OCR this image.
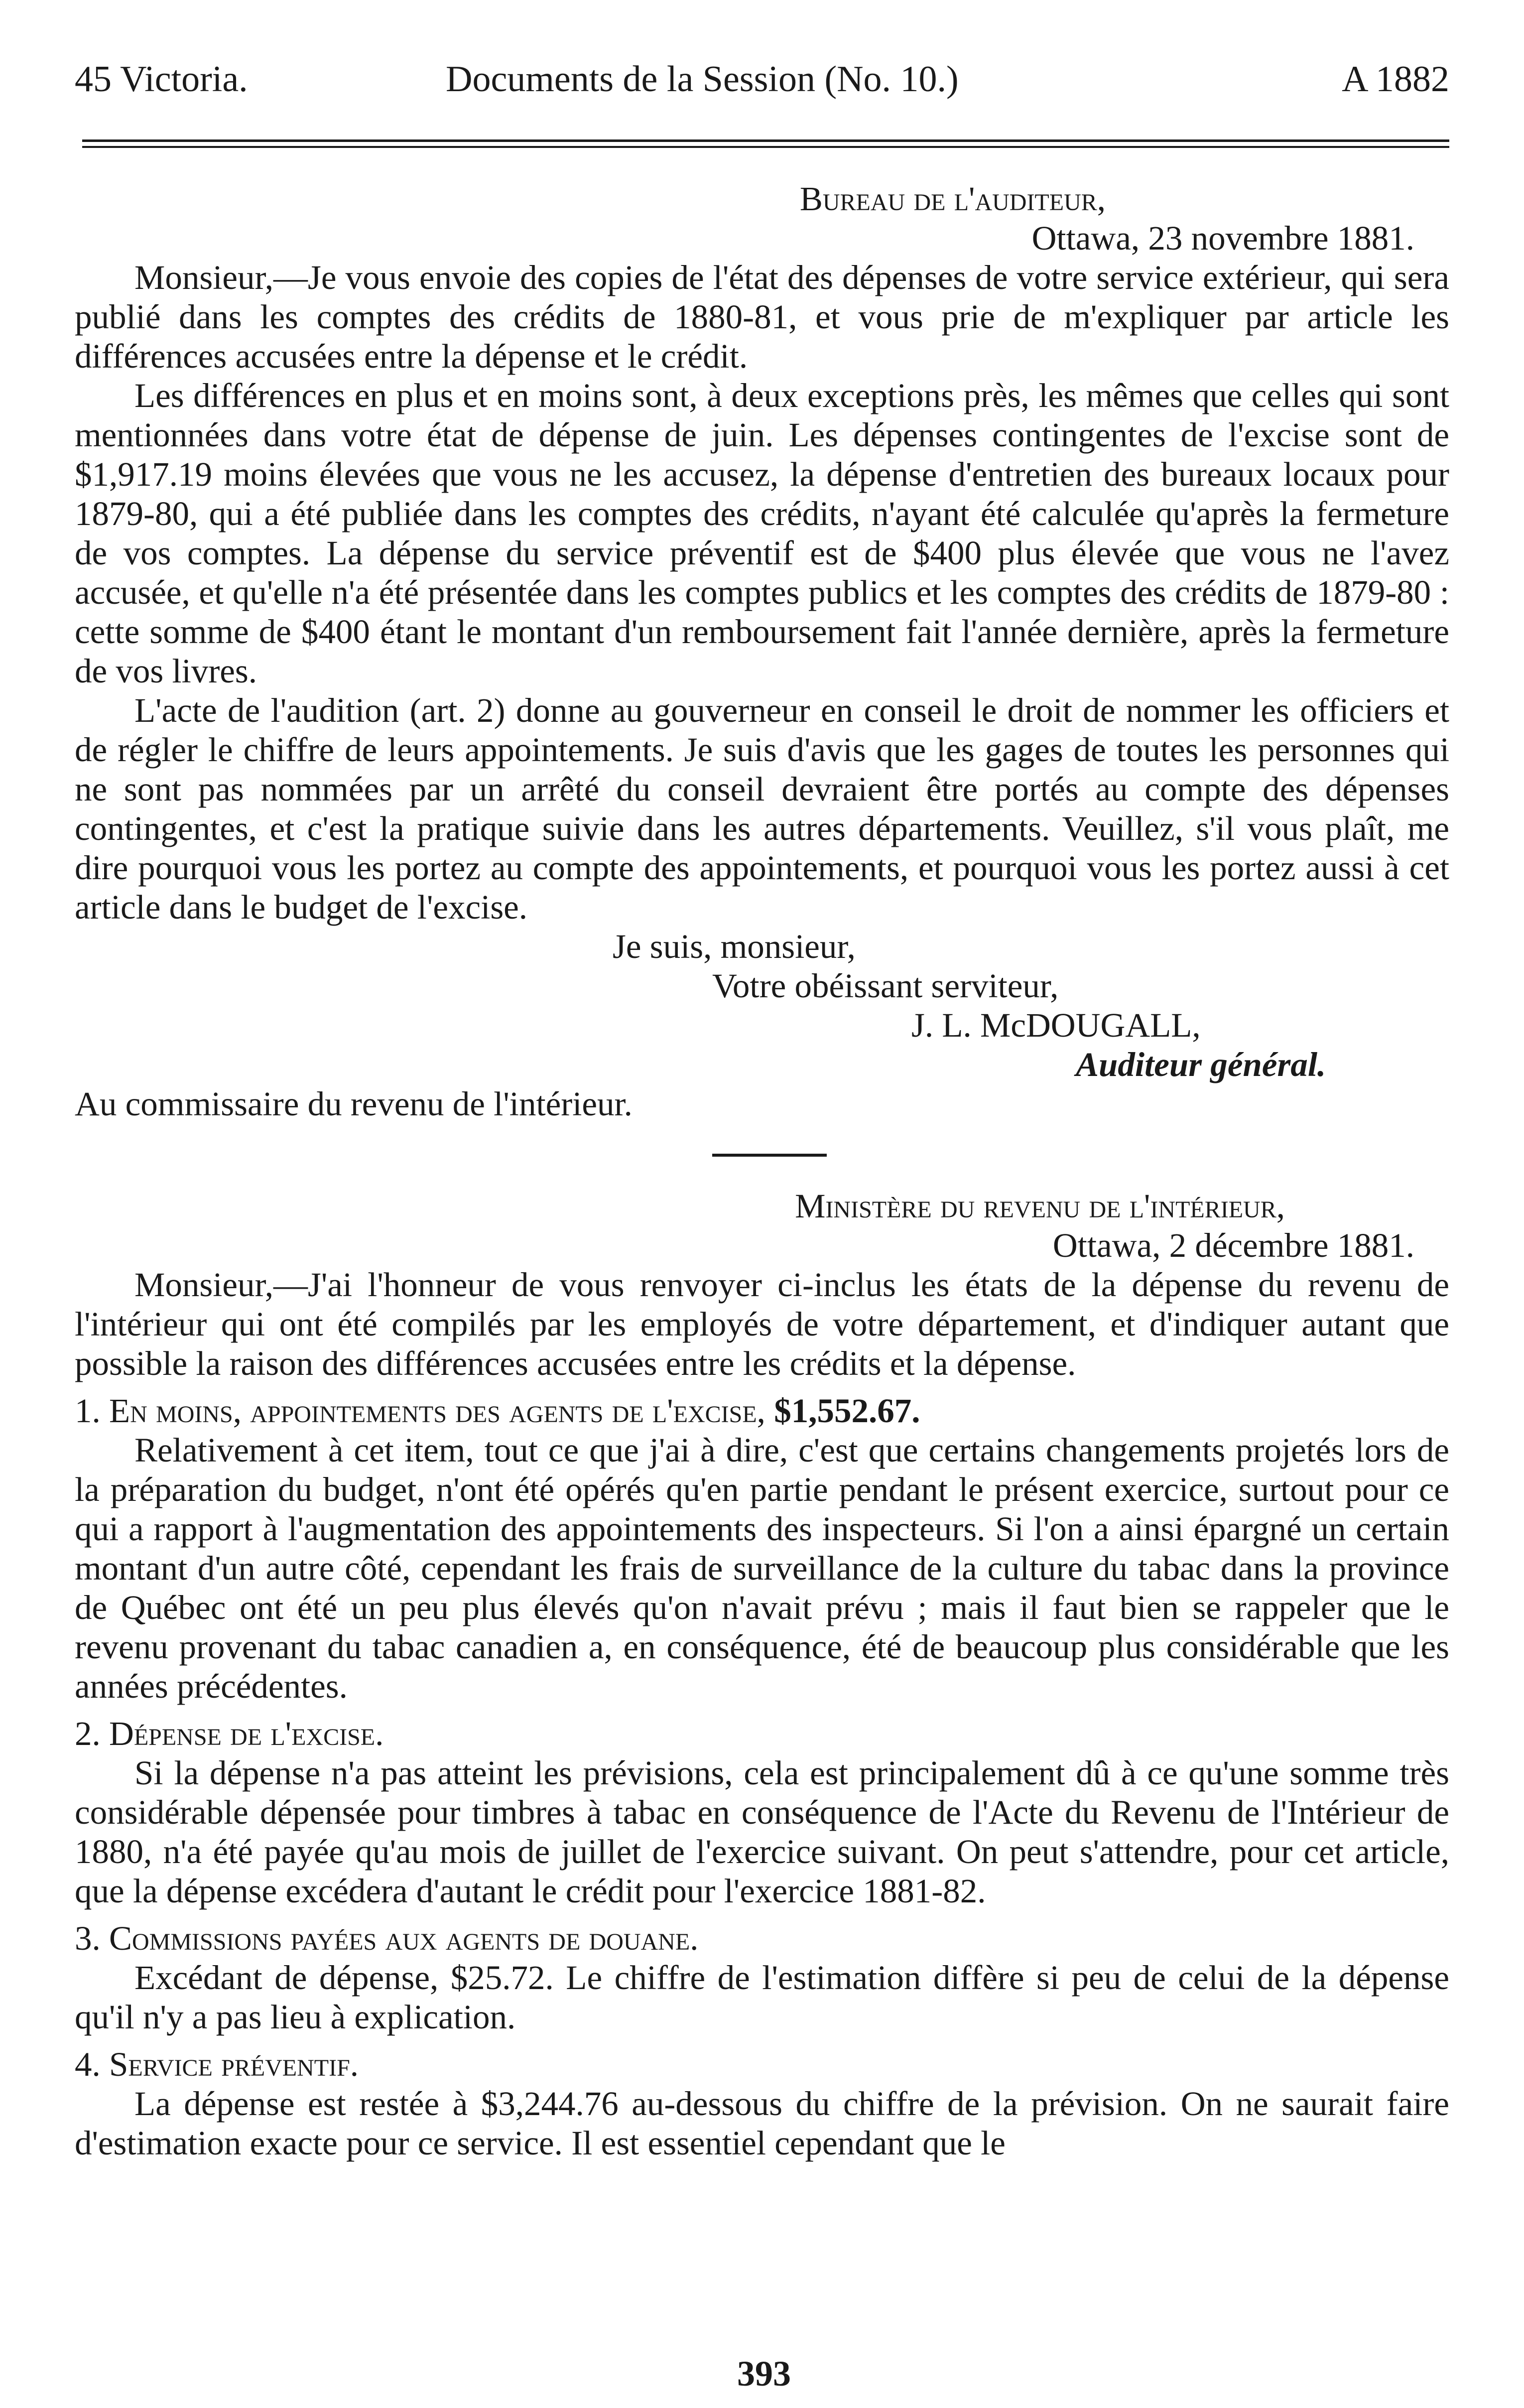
45 Victoria.	Documents de la Session (No. 10.)	A 1882
Bureau de l'auditeur,
Ottawa, 23 novembre 1881.

Monsieur,—Je vous envoie des copies de l'état des dépenses de votre service extérieur, qui sera publié dans les comptes des crédits de 1880-81, et vous prie de m'expliquer par article les différences accusées entre la dépense et le crédit.

Les différences en plus et en moins sont, à deux exceptions près, les mêmes que celles qui sont mentionnées dans votre état de dépense de juin. Les dépenses contingentes de l'excise sont de $1,917.19 moins élevées que vous ne les accusez, la dépense d'entretien des bureaux locaux pour 1879-80, qui a été publiée dans les comptes des crédits, n'ayant été calculée qu'après la fermeture de vos comptes. La dépense du service préventif est de $400 plus élevée que vous ne l'avez accusée, et qu'elle n'a été présentée dans les comptes publics et les comptes des crédits de 1879-80 : cette somme de $400 étant le montant d'un remboursement fait l'année dernière, après la fermeture de vos livres.

L'acte de l'audition (art. 2) donne au gouverneur en conseil le droit de nommer les officiers et de régler le chiffre de leurs appointements. Je suis d'avis que les gages de toutes les personnes qui ne sont pas nommées par un arrêté du conseil devraient être portés au compte des dépenses contingentes, et c'est la pratique suivie dans les autres départements. Veuillez, s'il vous plaît, me dire pourquoi vous les portez au compte des appointements, et pourquoi vous les portez aussi à cet article dans le budget de l'excise.

Je suis, monsieur,
Votre obéissant serviteur,
J. L. McDOUGALL,
Auditeur général.
Au commissaire du revenu de l'intérieur.
Ministère du revenu de l'intérieur,
Ottawa, 2 décembre 1881.

Monsieur,—J'ai l'honneur de vous renvoyer ci-inclus les états de la dépense du revenu de l'intérieur qui ont été compilés par les employés de votre département, et d'indiquer autant que possible la raison des différences accusées entre les crédits et la dépense.

1. En moins, appointements des agents de l'excise, $1,552.67.

Relativement à cet item, tout ce que j'ai à dire, c'est que certains changements projetés lors de la préparation du budget, n'ont été opérés qu'en partie pendant le présent exercice, surtout pour ce qui a rapport à l'augmentation des appointements des inspecteurs. Si l'on a ainsi épargné un certain montant d'un autre côté, cependant les frais de surveillance de la culture du tabac dans la province de Québec ont été un peu plus élevés qu'on n'avait prévu ; mais il faut bien se rappeler que le revenu provenant du tabac canadien a, en conséquence, été de beaucoup plus considérable que les années précédentes.

2. Dépense de l'excise.

Si la dépense n'a pas atteint les prévisions, cela est principalement dû à ce qu'une somme très considérable dépensée pour timbres à tabac en conséquence de l'Acte du Revenu de l'Intérieur de 1880, n'a été payée qu'au mois de juillet de l'exercice suivant. On peut s'attendre, pour cet article, que la dépense excédera d'autant le crédit pour l'exercice 1881-82.

3. Commissions payées aux agents de douane.

Excédant de dépense, $25.72. Le chiffre de l'estimation diffère si peu de celui de la dépense qu'il n'y a pas lieu à explication.

4. Service préventif.

La dépense est restée à $3,244.76 au-dessous du chiffre de la prévision. On ne saurait faire d'estimation exacte pour ce service. Il est essentiel cependant que le

393
